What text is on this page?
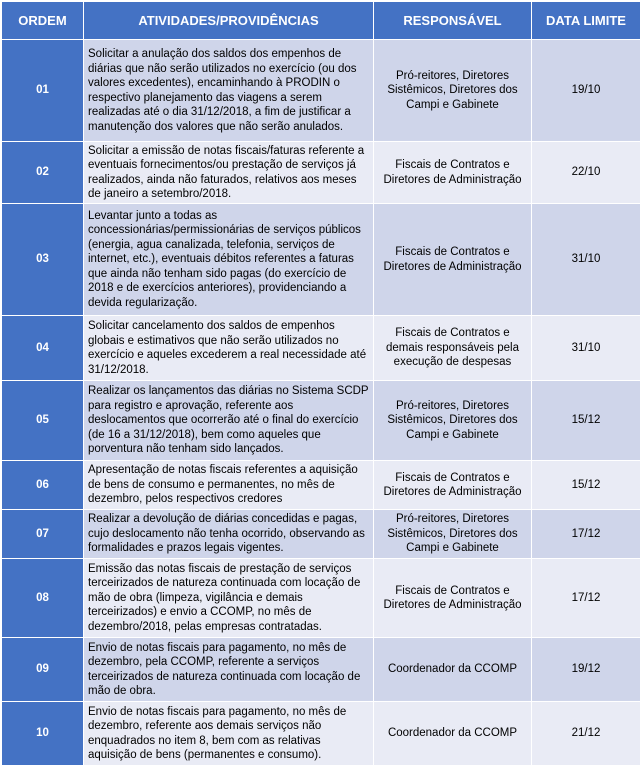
ORDEM	ATIVIDADES/PROVIDÊNCIAS	RESPONSÁVEL	DATA LIMITE
01	Solicitar a anulação dos saldos dos empenhos de diárias que não serão utilizados no exercício (ou dos valores excedentes), encaminhando à PRODIN o respectivo planejamento das viagens a serem realizadas até o dia 31/12/2018, a fim de justificar a manutenção dos valores que não serão anulados.	Pró-reitores, Diretores Sistêmicos, Diretores dos Campi e Gabinete	19/10
02	Solicitar a emissão de notas fiscais/faturas referente a eventuais fornecimentos/ou prestação de serviços já realizados, ainda não faturados, relativos aos meses de janeiro a setembro/2018.	Fiscais de Contratos e Diretores de Administração	22/10
03	Levantar junto a todas as concessionárias/permissionárias de serviços públicos (energia, agua canalizada, telefonia, serviços de internet, etc.), eventuais débitos referentes a faturas que ainda não tenham sido pagas (do exercício de 2018 e de exercícios anteriores), providenciando a devida regularização.	Fiscais de Contratos e Diretores de Administração	31/10
04	Solicitar cancelamento dos saldos de empenhos globais e estimativos que não serão utilizados no exercício e aqueles excederem a real necessidade até 31/12/2018.	Fiscais de Contratos e demais responsáveis pela execução de despesas	31/10
05	Realizar os lançamentos das diárias no Sistema SCDP para registro e aprovação, referente aos deslocamentos que ocorrerão até o final do exercício (de 16 a 31/12/2018), bem como aqueles que porventura não tenham sido lançados.	Pró-reitores, Diretores Sistêmicos, Diretores dos Campi e Gabinete	15/12
06	Apresentação de notas fiscais referentes a aquisição de bens de consumo e permanentes, no mês de dezembro, pelos respectivos credores	Fiscais de Contratos e Diretores de Administração	15/12
07	Realizar a devolução de diárias concedidas e pagas, cujo deslocamento não tenha ocorrido, observando as formalidades e prazos legais vigentes.	Pró-reitores, Diretores Sistêmicos, Diretores dos Campi e Gabinete	17/12
08	Emissão das notas fiscais de prestação de serviços terceirizados de natureza continuada com locação de mão de obra (limpeza, vigilância e demais terceirizados) e envio a CCOMP, no mês de dezembro/2018, pelas empresas contratadas.	Fiscais de Contratos e Diretores de Administração	17/12
09	Envio de notas fiscais para pagamento, no mês de dezembro, pela CCOMP, referente a serviços terceirizados de natureza continuada com locação de mão de obra.	Coordenador da CCOMP	19/12
10	Envio de notas fiscais para pagamento, no mês de dezembro, referente aos demais serviços não enquadrados no item 8, bem com as relativas aquisição de bens (permanentes e consumo).	Coordenador da CCOMP	21/12
